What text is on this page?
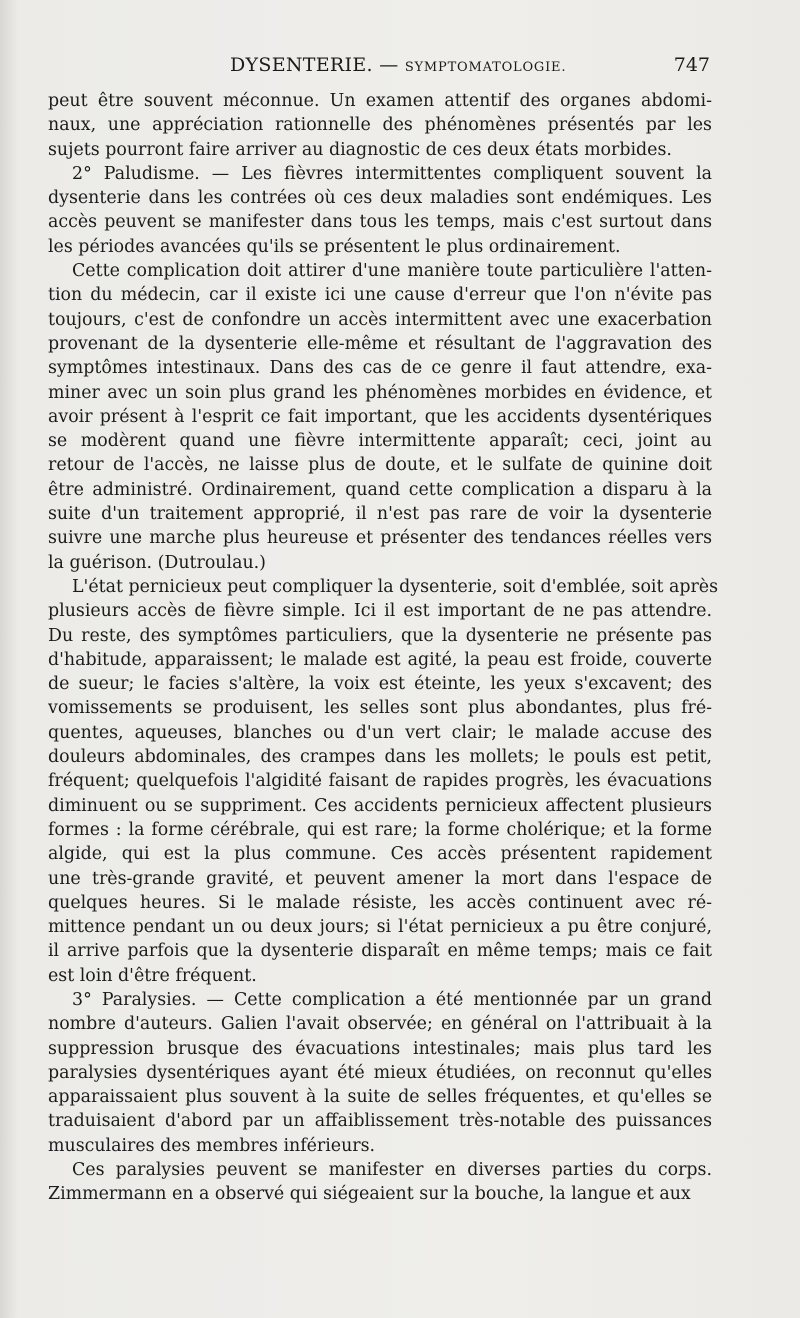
DYSENTERIE. — SYMPTOMATOLOGIE.	747
peut être souvent méconnue. Un examen attentif des organes abdomi-
naux, une appréciation rationnelle des phénomènes présentés par les
sujets pourront faire arriver au diagnostic de ces deux états morbides.
2° Paludisme. — Les fièvres intermittentes compliquent souvent la
dysenterie dans les contrées où ces deux maladies sont endémiques. Les
accès peuvent se manifester dans tous les temps, mais c'est surtout dans
les périodes avancées qu'ils se présentent le plus ordinairement.
Cette complication doit attirer d'une manière toute particulière l'atten-
tion du médecin, car il existe ici une cause d'erreur que l'on n'évite pas
toujours, c'est de confondre un accès intermittent avec une exacerbation
provenant de la dysenterie elle-même et résultant de l'aggravation des
symptômes intestinaux. Dans des cas de ce genre il faut attendre, exa-
miner avec un soin plus grand les phénomènes morbides en évidence, et
avoir présent à l'esprit ce fait important, que les accidents dysentériques
se modèrent quand une fièvre intermittente apparaît; ceci, joint au
retour de l'accès, ne laisse plus de doute, et le sulfate de quinine doit
être administré. Ordinairement, quand cette complication a disparu à la
suite d'un traitement approprié, il n'est pas rare de voir la dysenterie
suivre une marche plus heureuse et présenter des tendances réelles vers
la guérison. (Dutroulau.)
L'état pernicieux peut compliquer la dysenterie, soit d'emblée, soit après
plusieurs accès de fièvre simple. Ici il est important de ne pas attendre.
Du reste, des symptômes particuliers, que la dysenterie ne présente pas
d'habitude, apparaissent; le malade est agité, la peau est froide, couverte
de sueur; le facies s'altère, la voix est éteinte, les yeux s'excavent; des
vomissements se produisent, les selles sont plus abondantes, plus fré-
quentes, aqueuses, blanches ou d'un vert clair; le malade accuse des
douleurs abdominales, des crampes dans les mollets; le pouls est petit,
fréquent; quelquefois l'algidité faisant de rapides progrès, les évacuations
diminuent ou se suppriment. Ces accidents pernicieux affectent plusieurs
formes : la forme cérébrale, qui est rare; la forme cholérique; et la forme
algide, qui est la plus commune. Ces accès présentent rapidement
une très-grande gravité, et peuvent amener la mort dans l'espace de
quelques heures. Si le malade résiste, les accès continuent avec ré-
mittence pendant un ou deux jours; si l'état pernicieux a pu être conjuré,
il arrive parfois que la dysenterie disparaît en même temps; mais ce fait
est loin d'être fréquent.
3° Paralysies. — Cette complication a été mentionnée par un grand
nombre d'auteurs. Galien l'avait observée; en général on l'attribuait à la
suppression brusque des évacuations intestinales; mais plus tard les
paralysies dysentériques ayant été mieux étudiées, on reconnut qu'elles
apparaissaient plus souvent à la suite de selles fréquentes, et qu'elles se
traduisaient d'abord par un affaiblissement très-notable des puissances
musculaires des membres inférieurs.
Ces paralysies peuvent se manifester en diverses parties du corps.
Zimmermann en a observé qui siégeaient sur la bouche, la langue et aux
